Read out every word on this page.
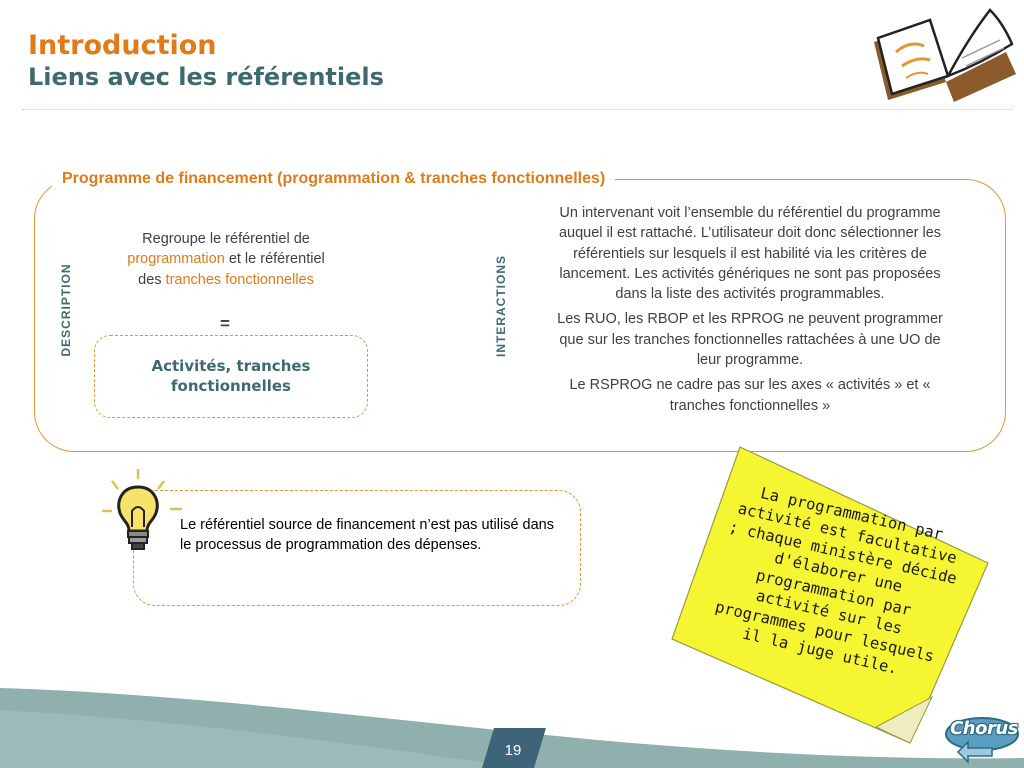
Introduction
Liens avec les référentiels
Programme de financement (programmation & tranches fonctionnelles)
DESCRIPTION	INTERACTIONS
Regroupe le référentiel de programmation et le référentiel des tranches fonctionnelles
=
Activités, tranches fonctionnelles

Un intervenant voit l’ensemble du référentiel du programme auquel il est rattaché. L’utilisateur doit donc sélectionner les référentiels sur lesquels il est habilité via les critères de lancement. Les activités génériques ne sont pas proposées dans la liste des activités programmables.

Les RUO, les RBOP et les RPROG ne peuvent programmer que sur les tranches fonctionnelles rattachées à une UO de leur programme.

Le RSPROG ne cadre pas sur les axes « activités » et « tranches fonctionnelles »

Le référentiel source de financement n’est pas utilisé dans le processus de programmation des dépenses.
La programmation par activité est facultative ; chaque ministère décide d'élaborer une programmation par activité sur les programmes pour lesquels il la juge utile.
19
Chorus
